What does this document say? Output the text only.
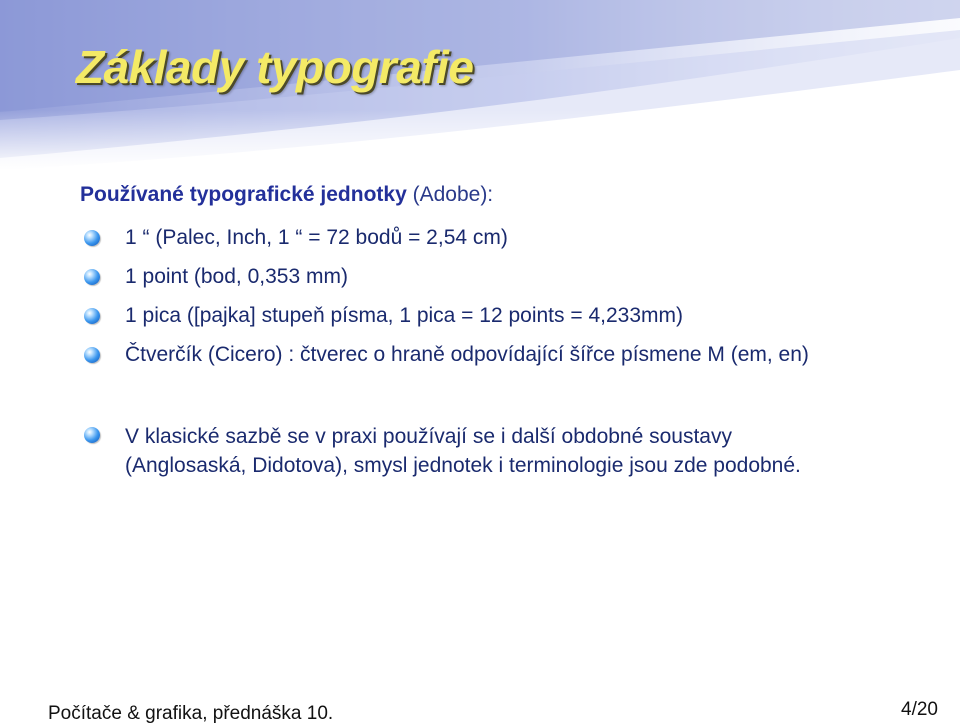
Základy typografie
Používané typografické jednotky (Adobe):
1 “ (Palec, Inch, 1 “ = 72 bodů = 2,54 cm)
1 point (bod, 0,353 mm)
1 pica ([pajka] stupeň písma, 1 pica = 12 points = 4,233mm)
Čtverčík (Cicero) : čtverec o hraně odpovídající šířce písmene M (em, en)
V klasické sazbě se v praxi používají se i další obdobné soustavy
(Anglosaská, Didotova), smysl jednotek i terminologie jsou zde podobné.
Počítače & grafika, přednáška 10.	4/20
